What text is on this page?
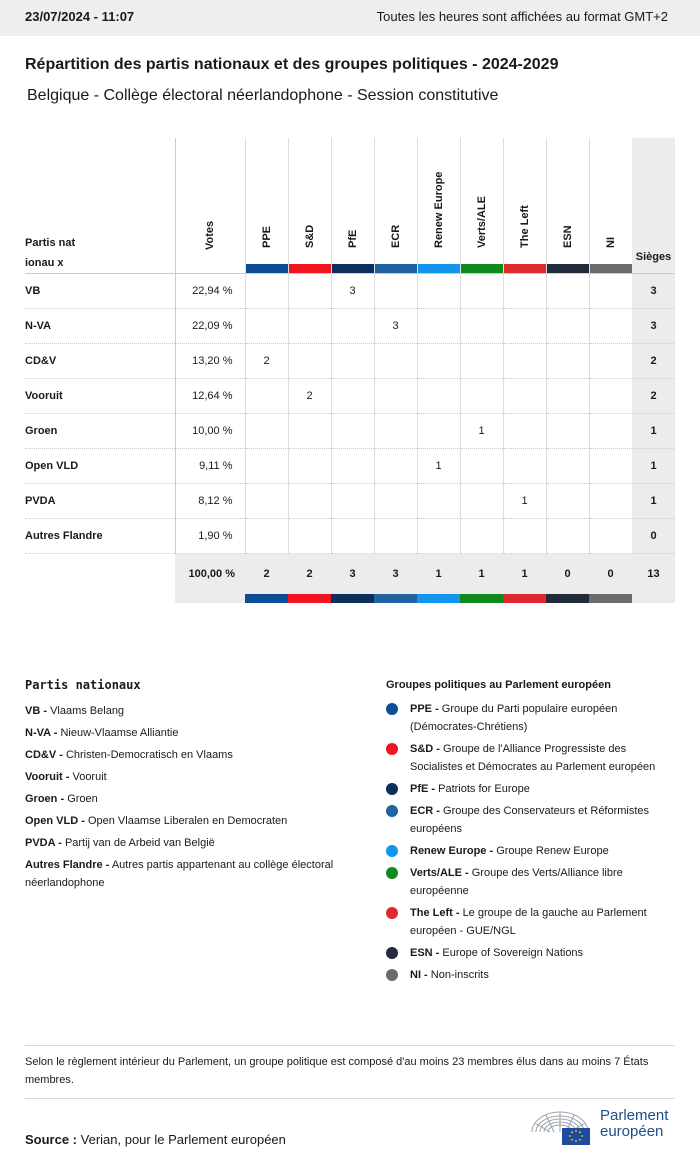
23/07/2024 - 11:07	Toutes les heures sont affichées au format GMT+2
Répartition des partis nationaux et des groupes politiques - 2024-2029
Belgique - Collège électoral néerlandophone - Session constitutive
Partis nationau x	Votes	PPE	S&D	PfE	ECR	Renew Europe	Verts/ALE	The Left	ESN	NI	Sièges

VB	22,94 %			3							3
N-VA	22,09 %				3						3
CD&V	13,20 %	2									2
Vooruit	12,64 %		2								2
Groen	10,00 %						1				1
Open VLD	9,11 %					1					1
PVDA	8,12 %							1			1
Autres Flandre	1,90 %										0

	100,00 %	2	2	3	3	1	1	1	0	0	13
Partis nationaux
VB - Vlaams Belang
N-VA - Nieuw-Vlaamse Alliantie
CD&V - Christen-Democratisch en Vlaams
Vooruit - Vooruit
Groen - Groen
Open VLD - Open Vlaamse Liberalen en Democraten
PVDA - Partij van de Arbeid van België
Autres Flandre - Autres partis appartenant au collège électoral néerlandophone
Groupes politiques au Parlement européen
PPE - Groupe du Parti populaire européen (Démocrates-Chrétiens)
S&D - Groupe de l'Alliance Progressiste des Socialistes et Démocrates au Parlement européen
PfE - Patriots for Europe
ECR - Groupe des Conservateurs et Réformistes européens
Renew Europe - Groupe Renew Europe
Verts/ALE - Groupe des Verts/Alliance libre européenne
The Left - Le groupe de la gauche au Parlement européen - GUE/NGL
ESN - Europe of Sovereign Nations
NI - Non-inscrits
Selon le règlement intérieur du Parlement, un groupe politique est composé d'au moins 23 membres élus dans au moins 7 États membres.
Source : Verian, pour le Parlement européen
Parlement
européen
